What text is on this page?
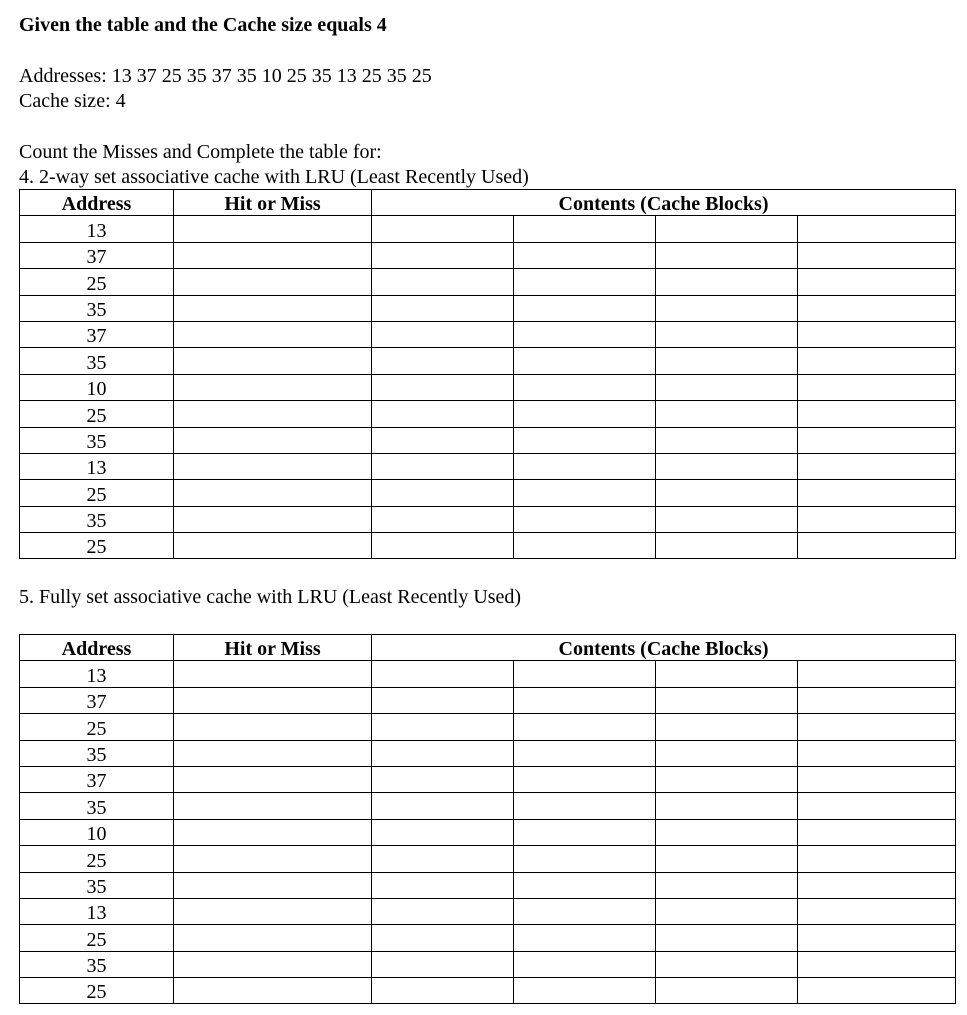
Given the table and the Cache size equals 4

Addresses: 13 37 25 35 37 35 10 25 35 13 25 35 25

Cache size: 4

Count the Misses and Complete the table for:

4. 2-way set associative cache with LRU (Least Recently Used)

Address	Hit or Miss	Contents (Cache Blocks)			
13					
37					
25					
35					
37					
35					
10					
25					
35					
13					
25					
35					
25					

5. Fully set associative cache with LRU (Least Recently Used)

Address	Hit or Miss	Contents (Cache Blocks)			
13					
37					
25					
35					
37					
35					
10					
25					
35					
13					
25					
35					
25					
